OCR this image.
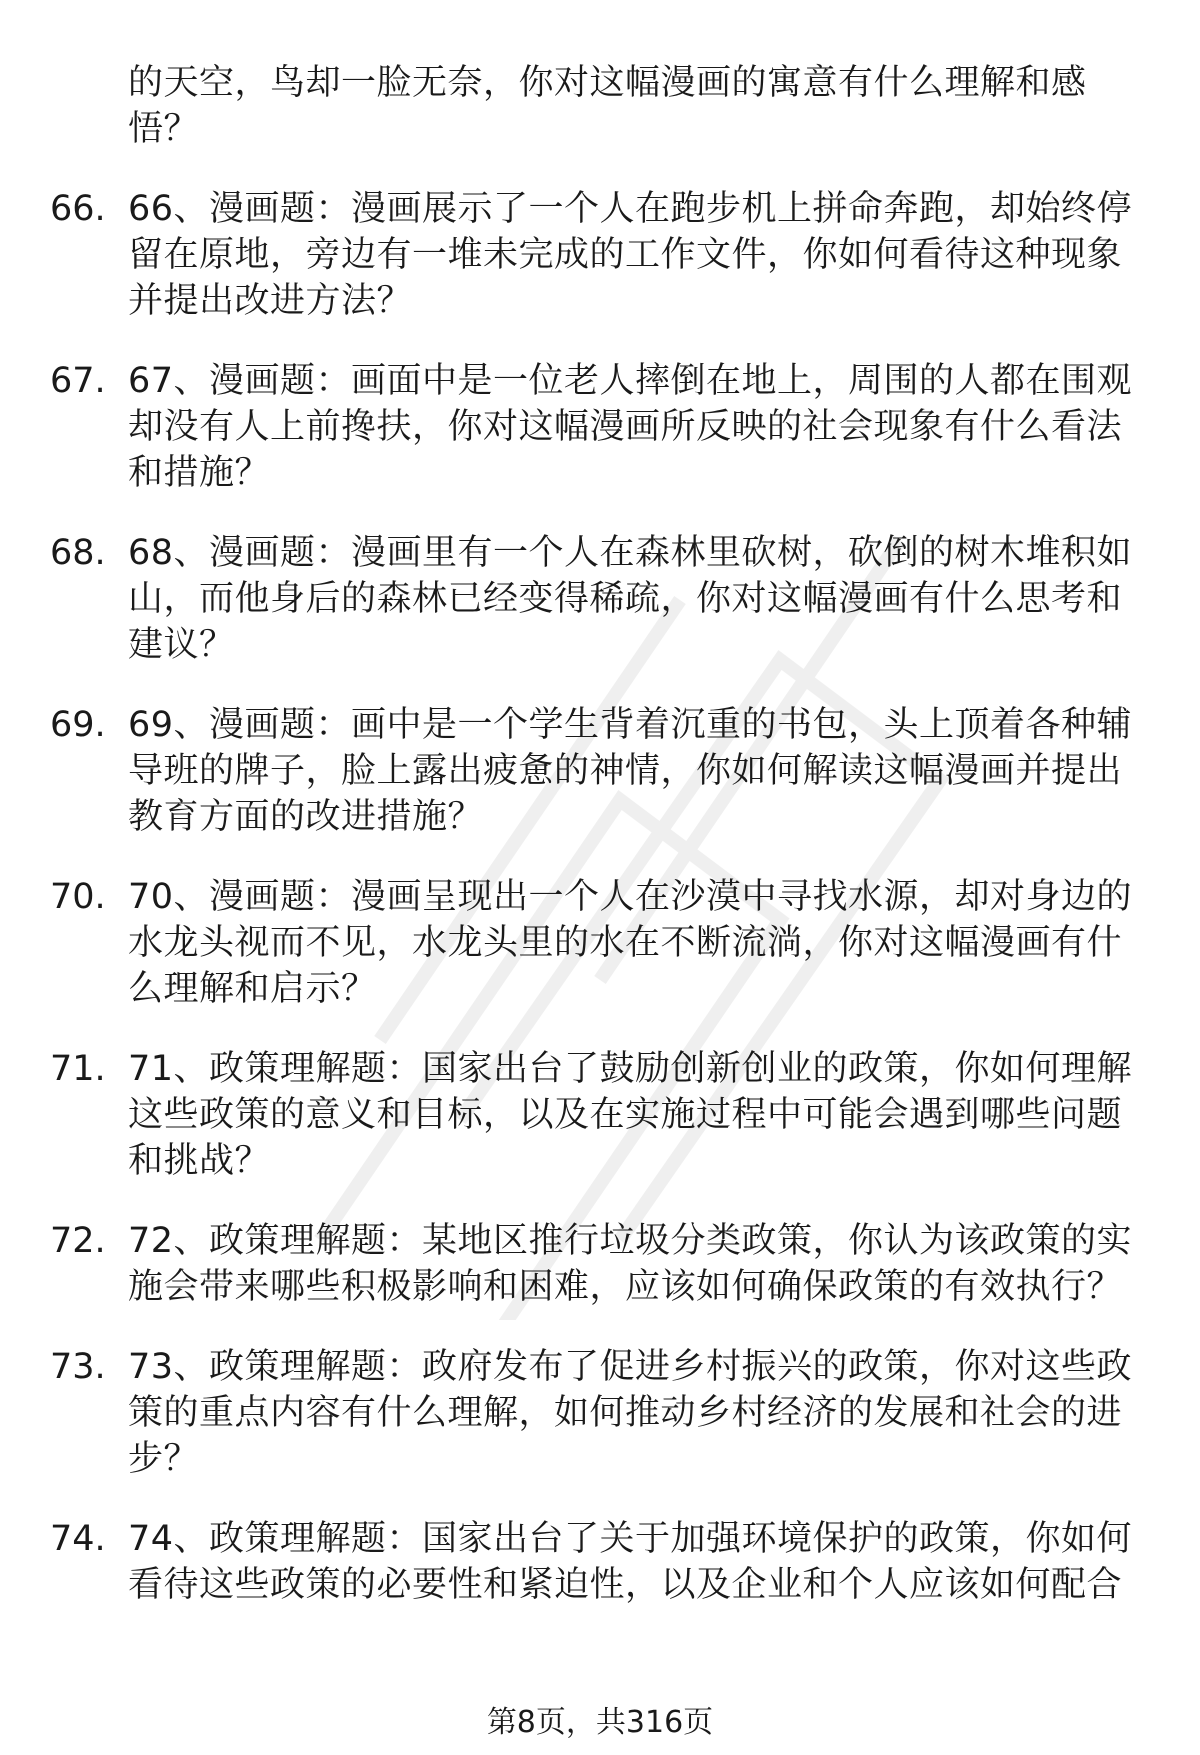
的天空，鸟却一脸无奈，你对这幅漫画的寓意有什么理解和感悟？
66. 66、漫画题：漫画展示了一个人在跑步机上拼命奔跑，却始终停留在原地，旁边有一堆未完成的工作文件，你如何看待这种现象并提出改进方法？
67. 67、漫画题：画面中是一位老人摔倒在地上，周围的人都在围观却没有人上前搀扶，你对这幅漫画所反映的社会现象有什么看法和措施？
68. 68、漫画题：漫画里有一个人在森林里砍树，砍倒的树木堆积如山，而他身后的森林已经变得稀疏，你对这幅漫画有什么思考和建议？
69. 69、漫画题：画中是一个学生背着沉重的书包，头上顶着各种辅导班的牌子，脸上露出疲惫的神情，你如何解读这幅漫画并提出教育方面的改进措施？
70. 70、漫画题：漫画呈现出一个人在沙漠中寻找水源，却对身边的水龙头视而不见，水龙头里的水在不断流淌，你对这幅漫画有什么理解和启示？
71. 71、政策理解题：国家出台了鼓励创新创业的政策，你如何理解这些政策的意义和目标，以及在实施过程中可能会遇到哪些问题和挑战？
72. 72、政策理解题：某地区推行垃圾分类政策，你认为该政策的实施会带来哪些积极影响和困难，应该如何确保政策的有效执行？
73. 73、政策理解题：政府发布了促进乡村振兴的政策，你对这些政策的重点内容有什么理解，如何推动乡村经济的发展和社会的进步？
74. 74、政策理解题：国家出台了关于加强环境保护的政策，你如何看待这些政策的必要性和紧迫性，以及企业和个人应该如何配合
第8页，共316页
